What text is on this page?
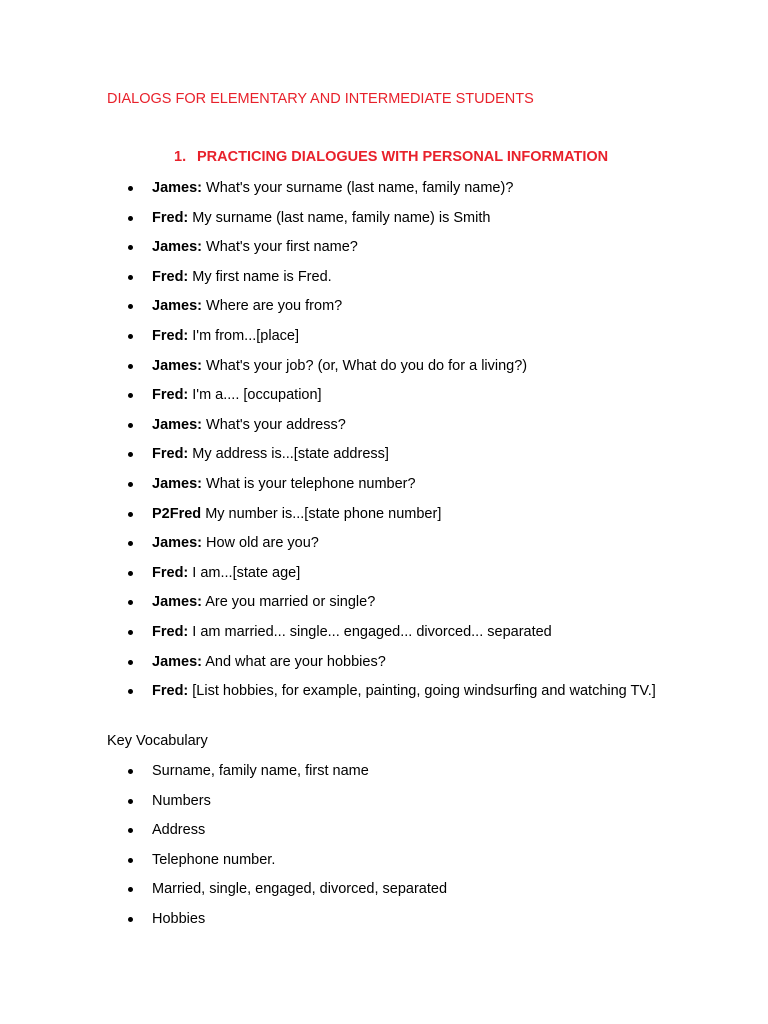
DIALOGS FOR ELEMENTARY AND INTERMEDIATE STUDENTS
1. PRACTICING DIALOGUES WITH PERSONAL INFORMATION
James: What's your surname (last name, family name)?
Fred: My surname (last name, family name) is Smith
James: What's your first name?
Fred: My first name is Fred.
James: Where are you from?
Fred: I'm from...[place]
James: What's your job? (or, What do you do for a living?)
Fred: I'm a.... [occupation]
James: What's your address?
Fred: My address is...[state address]
James: What is your telephone number?
P2Fred My number is...[state phone number]
James: How old are you?
Fred: I am...[state age]
James: Are you married or single?
Fred: I am married... single... engaged... divorced... separated
James: And what are your hobbies?
Fred: [List hobbies, for example, painting, going windsurfing and watching TV.]
Key Vocabulary
Surname, family name, first name
Numbers
Address
Telephone number.
Married, single, engaged, divorced, separated
Hobbies
